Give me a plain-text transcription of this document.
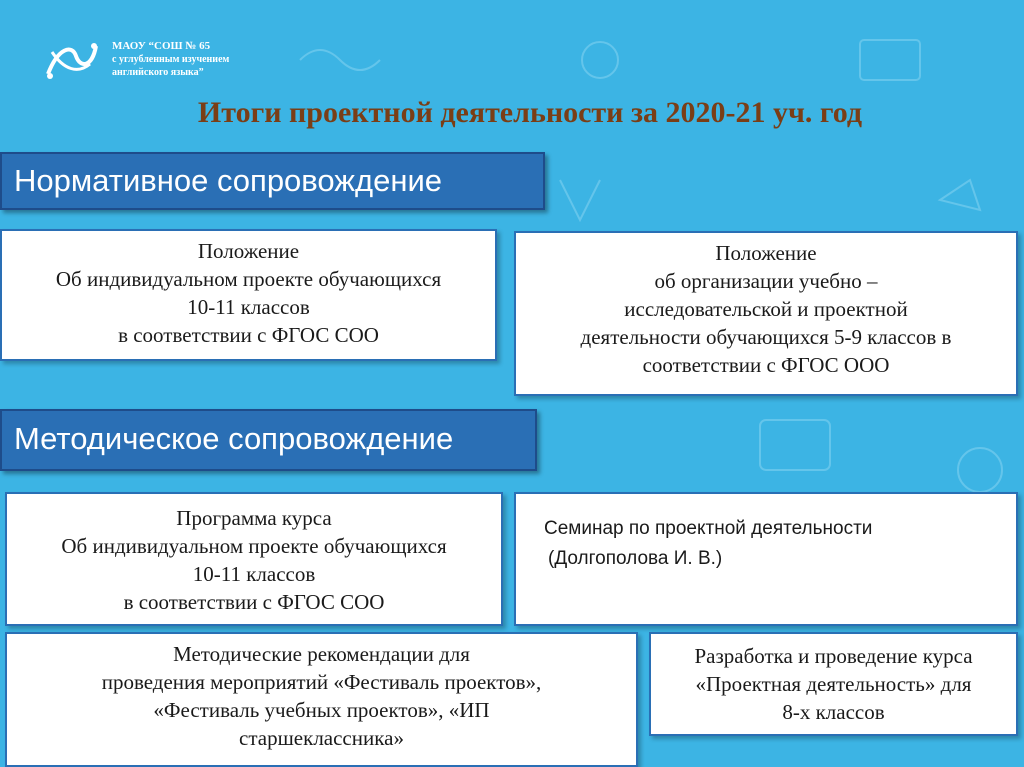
МАОУ “СОШ № 65
с углубленным изучением
английского языка”
Итоги проектной деятельности за 2020-21 уч. год
Нормативное сопровождение
Положение
Об индивидуальном проекте обучающихся
10-11 классов
в соответствии с ФГОС СОО
Положение
об организации учебно –
исследовательской и проектной
деятельности обучающихся 5-9 классов в
соответствии с ФГОС ООО
Методическое сопровождение
Программа курса
Об индивидуальном проекте обучающихся
10-11 классов
в соответствии с ФГОС СОО
Семинар по проектной деятельности
(Долгополова И. В.)
Методические рекомендации для
проведения мероприятий «Фестиваль проектов»,
«Фестиваль учебных проектов», «ИП
старшеклассника»
Разработка и проведение курса
«Проектная деятельность» для
8-х классов
